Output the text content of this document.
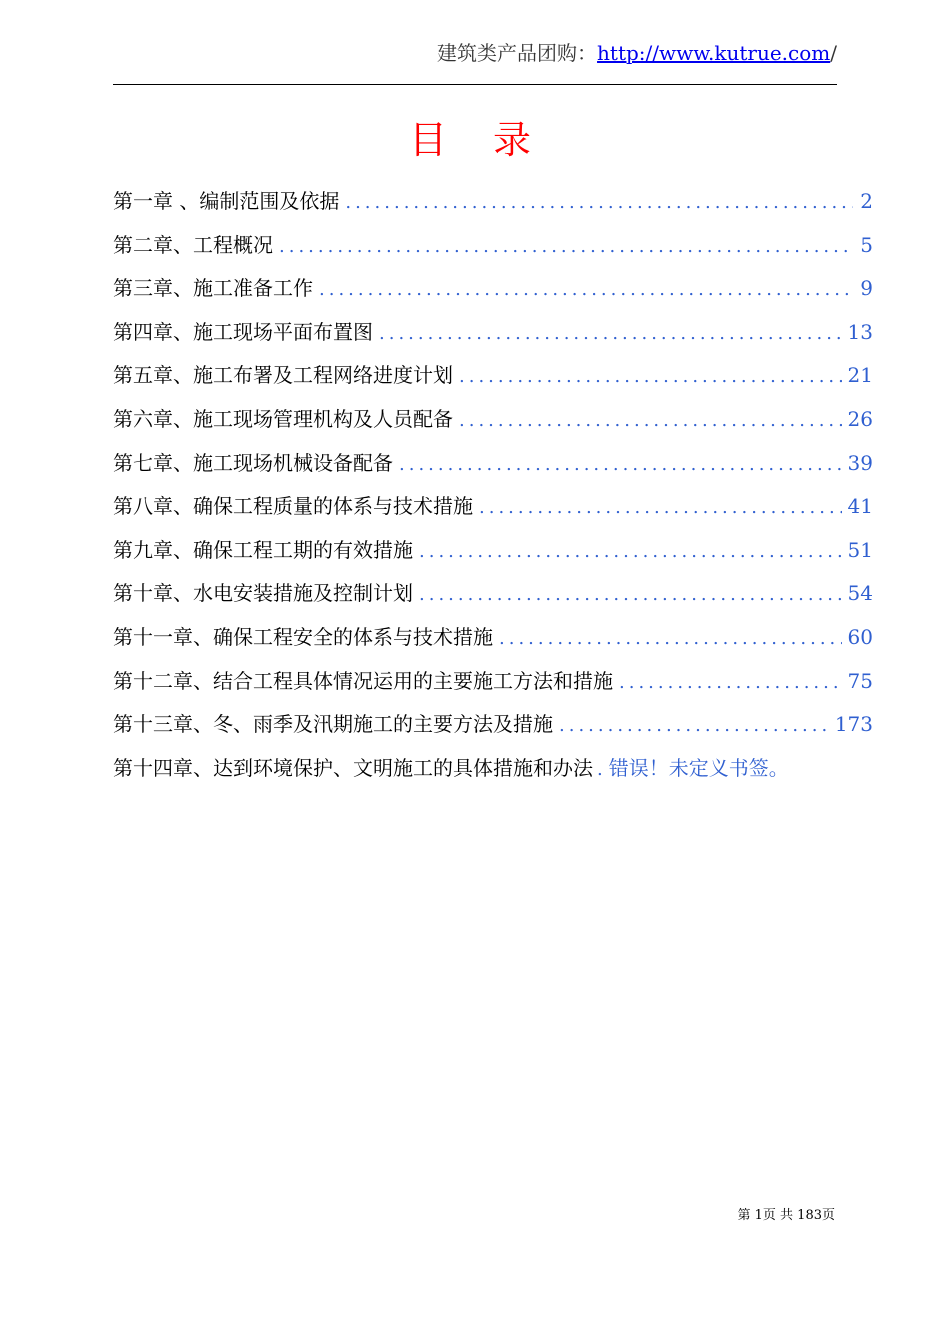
建筑类产品团购：http://www.kutrue.com/
目录
第一章 、编制范围及依据 .....	2
第二章、工程概况 .....	5
第三章、施工准备工作 .....	9
第四章、施工现场平面布置图 .....	13
第五章、施工布署及工程网络进度计划 .....	21
第六章、施工现场管理机构及人员配备 .....	26
第七章、施工现场机械设备配备 .....	39
第八章、确保工程质量的体系与技术措施 .....	41
第九章、确保工程工期的有效措施 .....	51
第十章、水电安装措施及控制计划 .....	54
第十一章、确保工程安全的体系与技术措施 .....	60
第十二章、结合工程具体情况运用的主要施工方法和措施 .....	75
第十三章、冬、雨季及汛期施工的主要方法及措施 .....	173
第十四章、达到环境保护、文明施工的具体措施和办法 . 错误！未定义书签。
第 1页 共 183页
